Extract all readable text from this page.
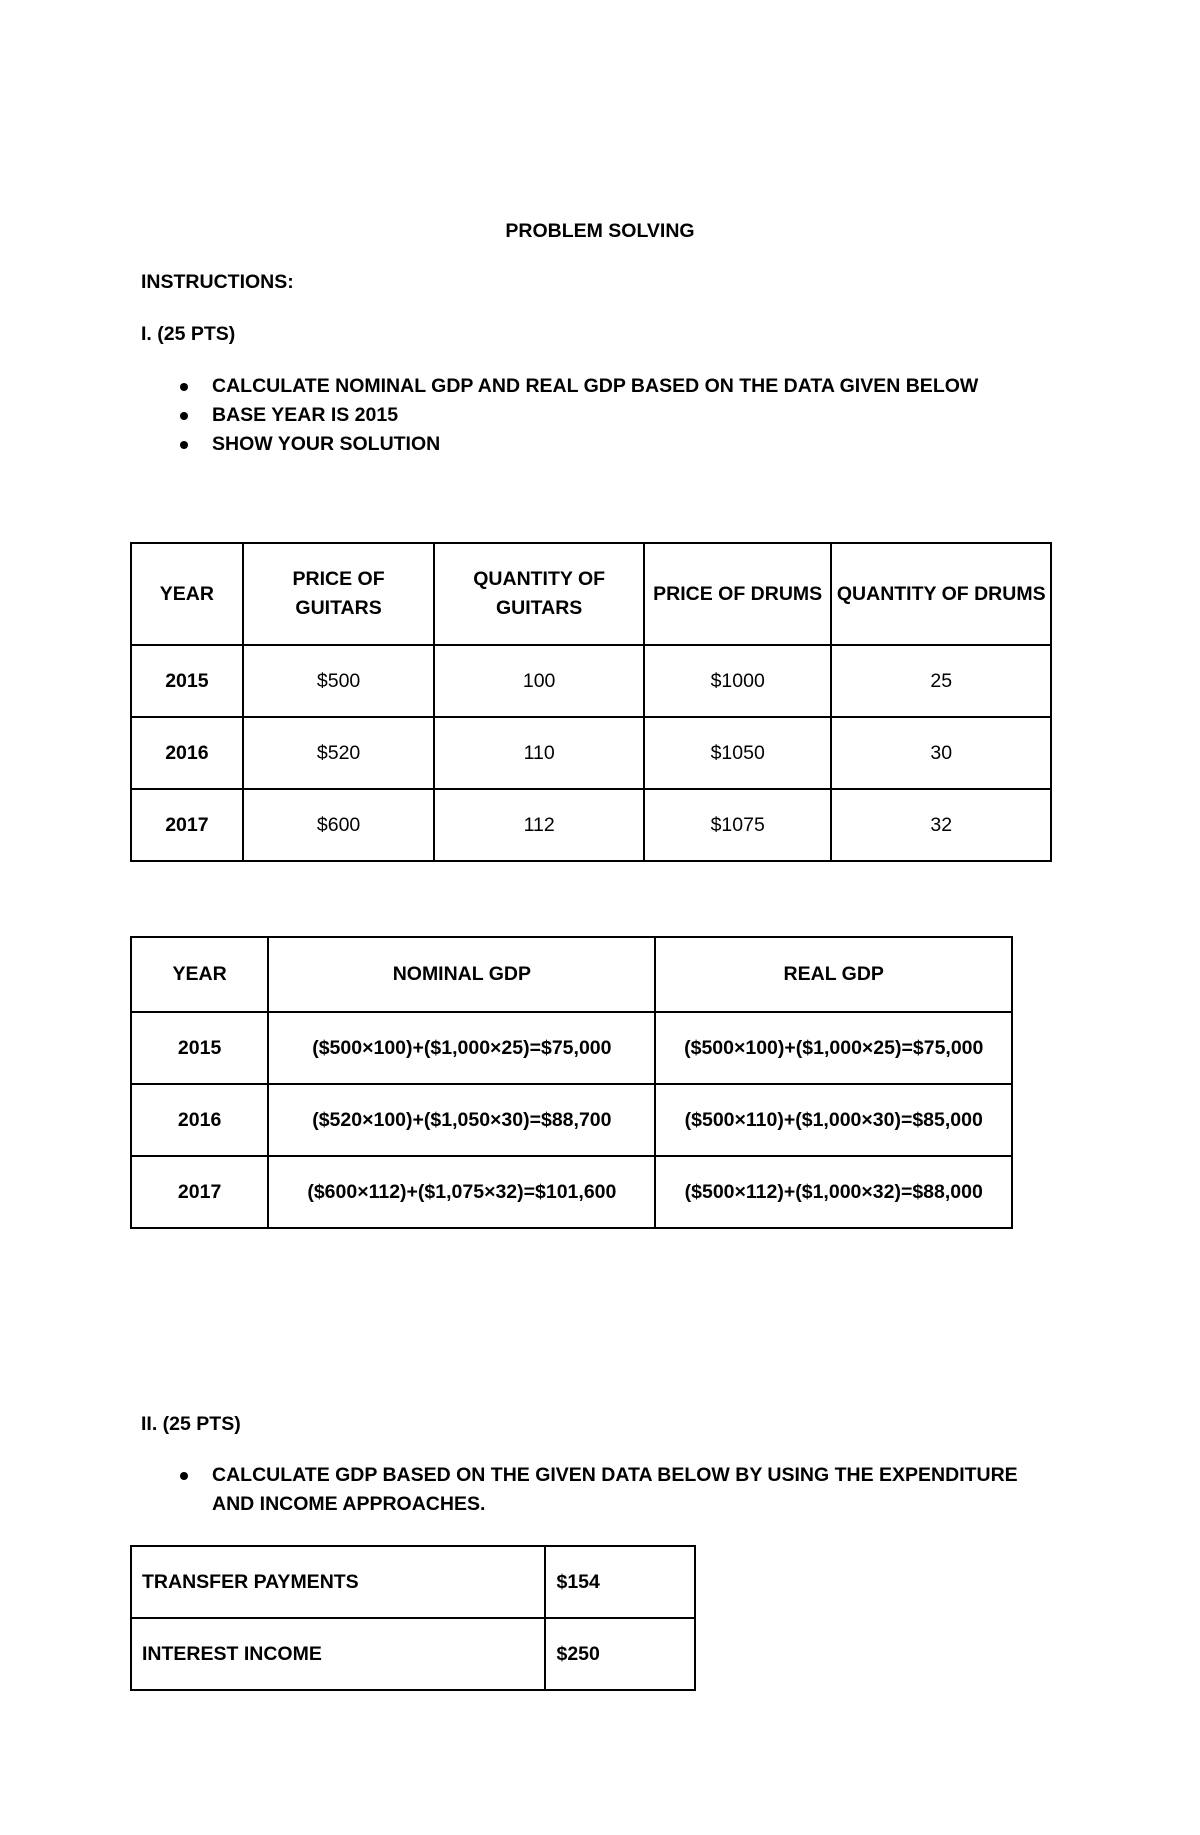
PROBLEM SOLVING
INSTRUCTIONS:
I. (25 PTS)
CALCULATE NOMINAL GDP AND REAL GDP BASED ON THE DATA GIVEN BELOW
BASE YEAR IS 2015
SHOW YOUR SOLUTION
YEAR	PRICE OF GUITARS	QUANTITY OF GUITARS	PRICE OF DRUMS	QUANTITY OF DRUMS
2015	$500	100	$1000	25
2016	$520	110	$1050	30
2017	$600	112	$1075	32
YEAR	NOMINAL GDP	REAL GDP
2015	($500×100)+($1,000×25)=$75,000	($500×100)+($1,000×25)=$75,000
2016	($520×100)+($1,050×30)=$88,700	($500×110)+($1,000×30)=$85,000
2017	($600×112)+($1,075×32)=$101,600	($500×112)+($1,000×32)=$88,000
II. (25 PTS)
CALCULATE GDP BASED ON THE GIVEN DATA BELOW BY USING THE EXPENDITURE AND INCOME APPROACHES.
TRANSFER PAYMENTS	$154
INTEREST INCOME	$250
